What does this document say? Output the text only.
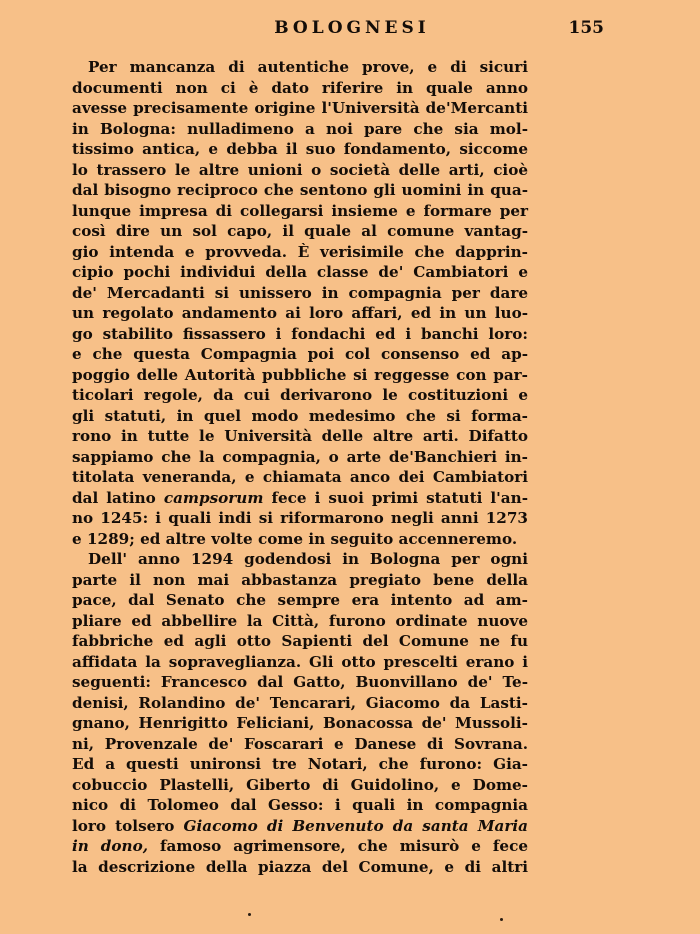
BOLOGNESI	155
Per mancanza di autentiche prove, e di sicuri
documenti non ci è dato riferire in quale anno
avesse precisamente origine l'Università de'Mercanti
in Bologna: nulladimeno a noi pare che sia mol-
tissimo antica, e debba il suo fondamento, siccome
lo trassero le altre unioni o società delle arti, cioè
dal bisogno reciproco che sentono gli uomini in qua-
lunque impresa di collegarsi insieme e formare per
così dire un sol capo, il quale al comune vantag-
gio intenda e provveda. È verisimile che dapprin-
cipio pochi individui della classe de' Cambiatori e
de' Mercadanti si unissero in compagnia per dare
un regolato andamento ai loro affari, ed in un luo-
go stabilito fissassero i fondachi ed i banchi loro:
e che questa Compagnia poi col consenso ed ap-
poggio delle Autorità pubbliche si reggesse con par-
ticolari regole, da cui derivarono le costituzioni e
gli statuti, in quel modo medesimo che si forma-
rono in tutte le Università delle altre arti. Difatto
sappiamo che la compagnia, o arte de'Banchieri in-
titolata veneranda, e chiamata anco dei Cambiatori
dal latino campsorum fece i suoi primi statuti l'an-
no 1245: i quali indi si riformarono negli anni 1273
e 1289; ed altre volte come in seguito accenneremo.
Dell' anno 1294 godendosi in Bologna per ogni
parte il non mai abbastanza pregiato bene della
pace, dal Senato che sempre era intento ad am-
pliare ed abbellire la Città, furono ordinate nuove
fabbriche ed agli otto Sapienti del Comune ne fu
affidata la sopraveglianza. Gli otto prescelti erano i
seguenti: Francesco dal Gatto, Buonvillano de' Te-
denisi, Rolandino de' Tencarari, Giacomo da Lasti-
gnano, Henrigitto Feliciani, Bonacossa de' Mussoli-
ni, Provenzale de' Foscarari e Danese di Sovrana.
Ed a questi unironsi tre Notari, che furono: Gia-
cobuccio Plastelli, Giberto di Guidolino, e Dome-
nico di Tolomeo dal Gesso: i quali in compagnia
loro tolsero Giacomo di Benvenuto da santa Maria
in dono, famoso agrimensore, che misurò e fece
la descrizione della piazza del Comune, e di altri
